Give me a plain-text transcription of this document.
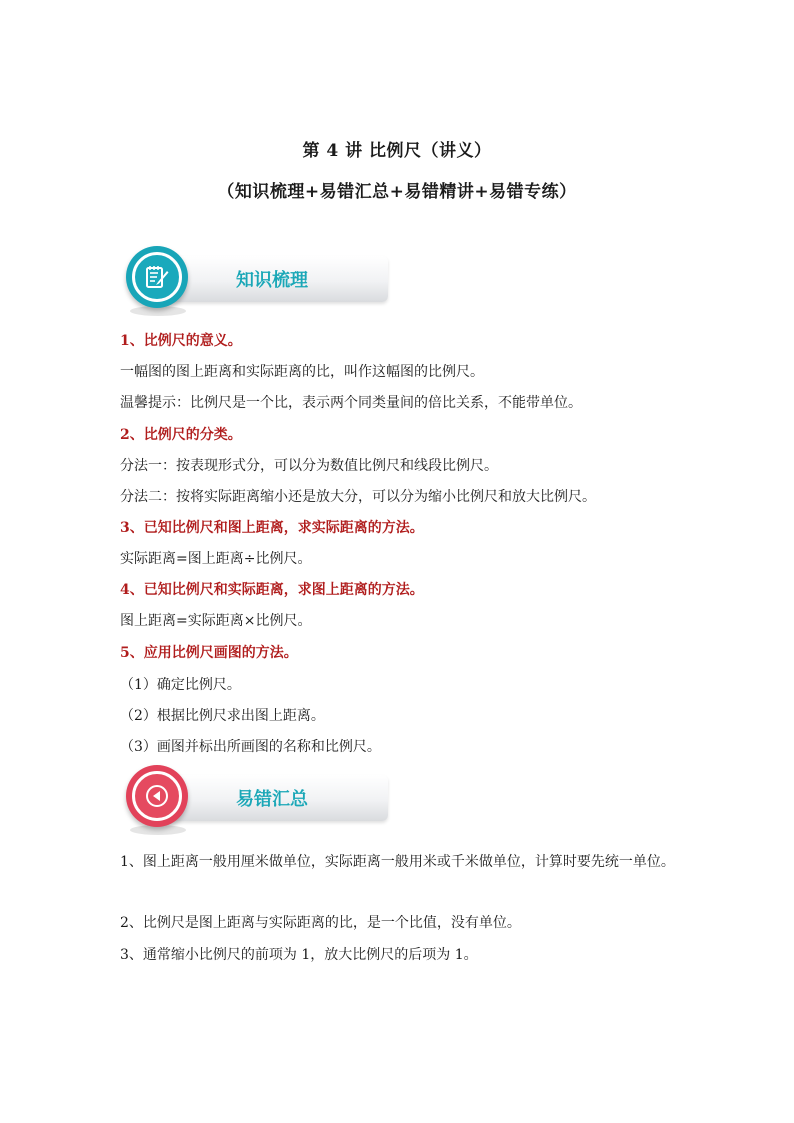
第 4 讲 比例尺（讲义）
（知识梳理+易错汇总+易错精讲+易错专练）
知识梳理
1、比例尺的意义。
一幅图的图上距离和实际距离的比，叫作这幅图的比例尺。
温馨提示：比例尺是一个比，表示两个同类量间的倍比关系，不能带单位。
2、比例尺的分类。
分法一：按表现形式分，可以分为数值比例尺和线段比例尺。
分法二：按将实际距离缩小还是放大分，可以分为缩小比例尺和放大比例尺。
3、已知比例尺和图上距离，求实际距离的方法。
实际距离=图上距离÷比例尺。
4、已知比例尺和实际距离，求图上距离的方法。
图上距离=实际距离×比例尺。
5、应用比例尺画图的方法。
（1）确定比例尺。
（2）根据比例尺求出图上距离。
（3）画图并标出所画图的名称和比例尺。
易错汇总
1、图上距离一般用厘米做单位，实际距离一般用米或千米做单位，计算时要先统一单位。
2、比例尺是图上距离与实际距离的比，是一个比值，没有单位。
3、通常缩小比例尺的前项为 1，放大比例尺的后项为 1。
